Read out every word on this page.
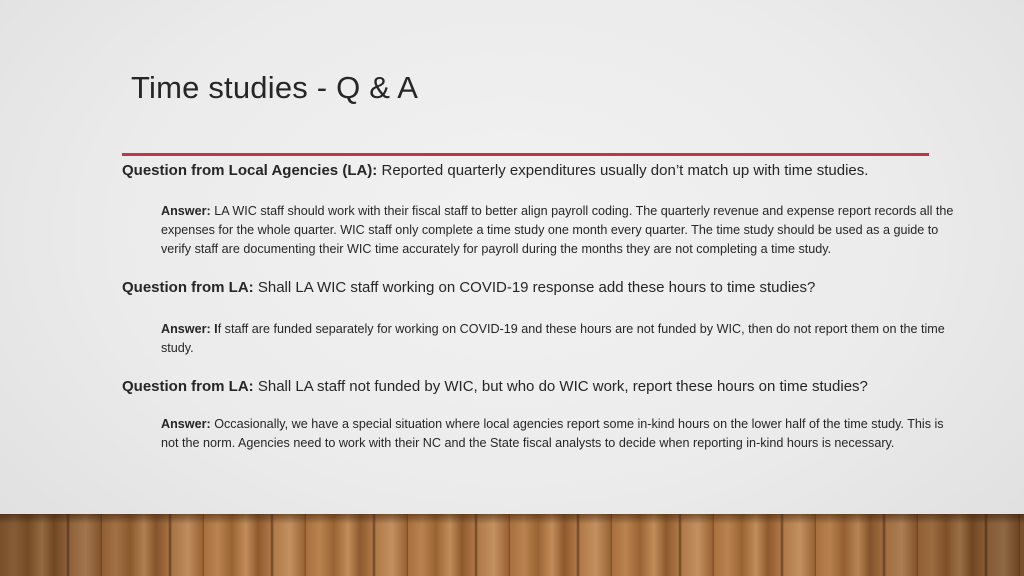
Time studies - Q & A
Question from Local Agencies (LA): Reported quarterly expenditures usually don’t match up with time studies.
Answer: LA WIC staff should work with their fiscal staff to better align payroll coding. The quarterly revenue and expense report records all the expenses for the whole quarter. WIC staff only complete a time study one month every quarter. The time study should be used as a guide to verify staff are documenting their WIC time accurately for payroll during the months they are not completing a time study.
Question from LA: Shall LA WIC staff working on COVID-19 response add these hours to time studies?
Answer: If staff are funded separately for working on COVID-19 and these hours are not funded by WIC, then do not report them on the time study.
Question from LA: Shall LA staff not funded by WIC, but who do WIC work, report these hours on time studies?
Answer: Occasionally, we have a special situation where local agencies report some in-kind hours on the lower half of the time study. This is not the norm. Agencies need to work with their NC and the State fiscal analysts to decide when reporting in-kind hours is necessary.
